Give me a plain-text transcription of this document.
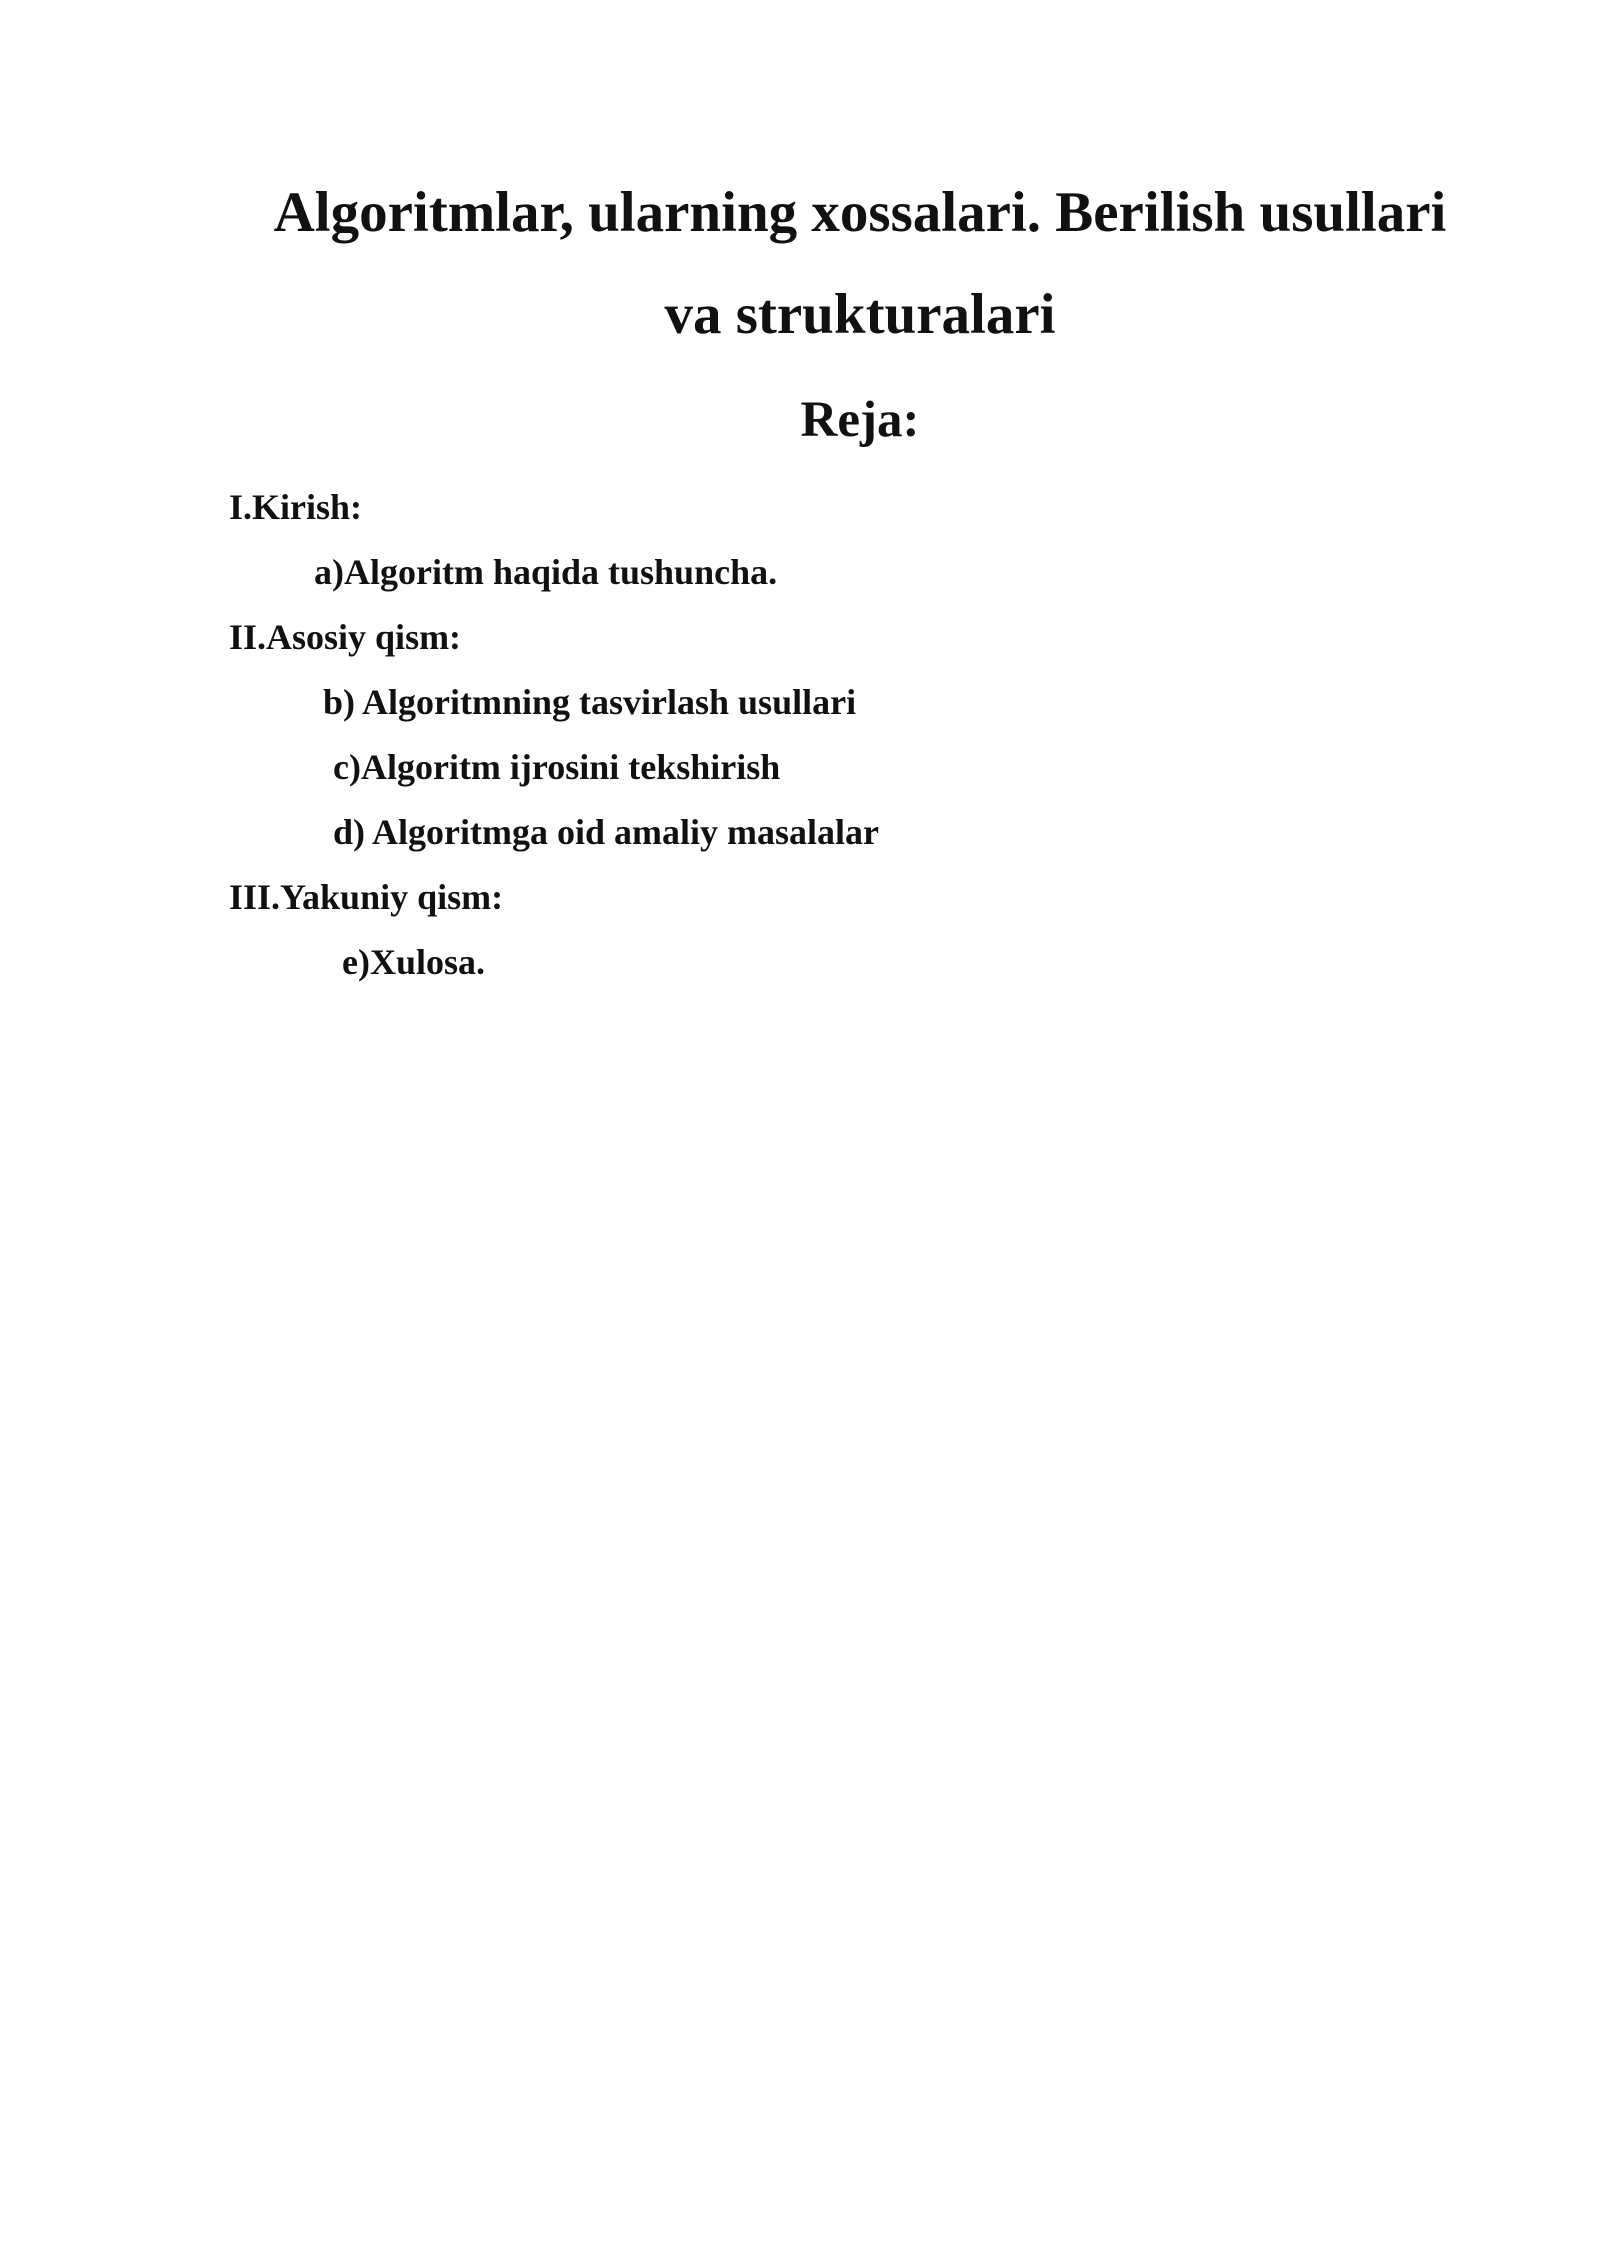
Algoritmlar, ularning xossalari. Berilish usullari
va strukturalari
Reja:

I.Kirish:

a)Algoritm haqida tushuncha.

II.Asosiy qism:

b) Algoritmning tasvirlash usullari

c)Algoritm ijrosini tekshirish

d) Algoritmga oid amaliy masalalar

III.Yakuniy qism:

e)Xulosa.
